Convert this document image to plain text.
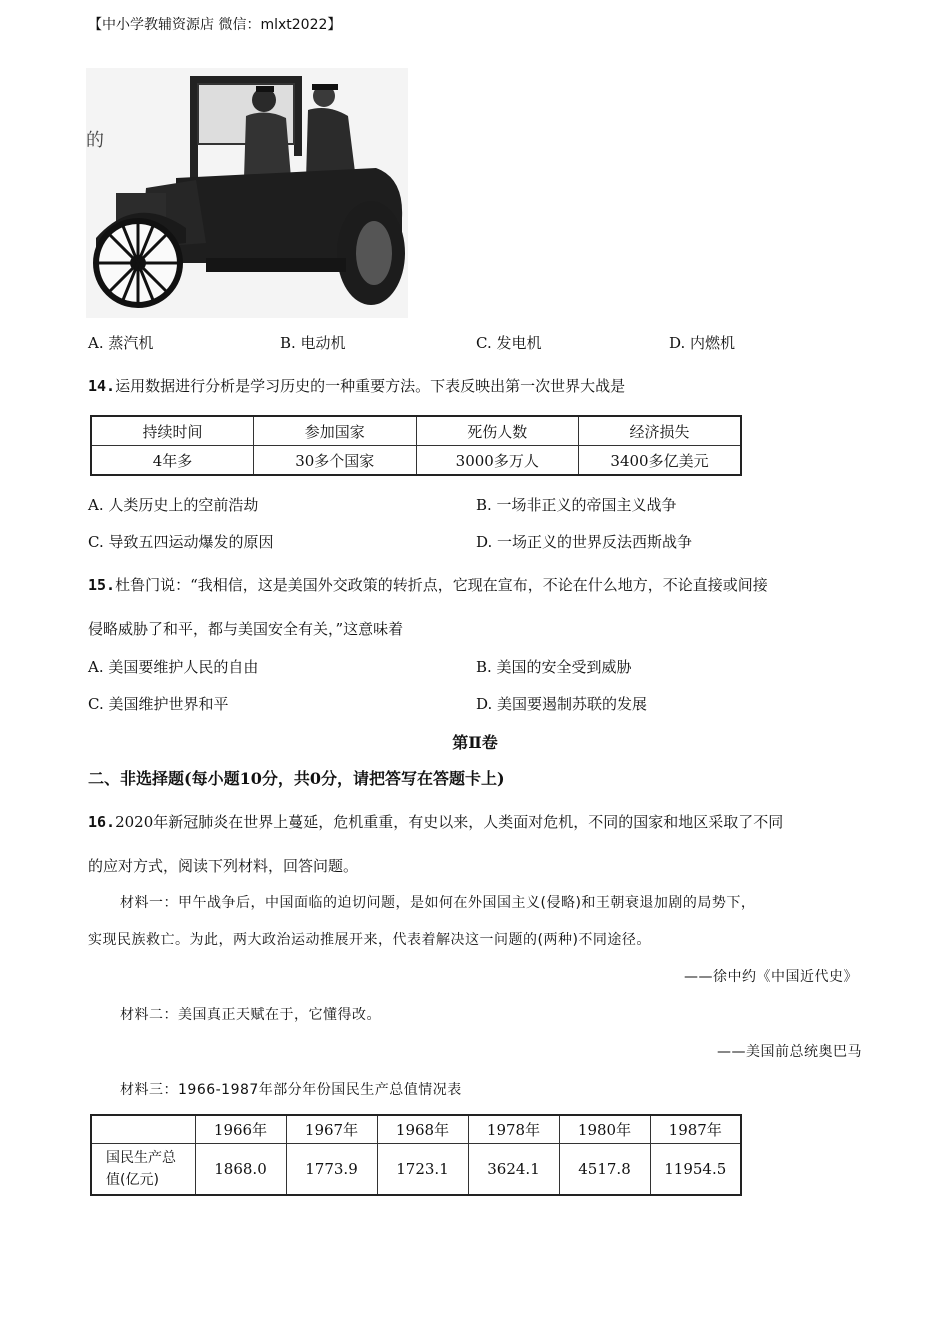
【中小学教辅资源店 微信：mlxt2022】
的
A. 蒸汽机	B. 电动机	C. 发电机	D. 内燃机
14.运用数据进行分析是学习历史的一种重要方法。下表反映出第一次世界大战是
持续时间	参加国家	死伤人数	经济损失
4年多	30多个国家	3000多万人	3400多亿美元
A. 人类历史上的空前浩劫	B. 一场非正义的帝国主义战争
C. 导致五四运动爆发的原因	D. 一场正义的世界反法西斯战争
15.杜鲁门说：“我相信，这是美国外交政策的转折点，它现在宣布，不论在什么地方，不论直接或间接
侵略威胁了和平，都与美国安全有关，”这意味着
A. 美国要维护人民的自由	B. 美国的安全受到威胁
C. 美国维护世界和平	D. 美国要遏制苏联的发展
第Ⅱ卷
二、非选择题(每小题10分，共0分，请把答写在答题卡上)
16.2020年新冠肺炎在世界上蔓延，危机重重，有史以来，人类面对危机，不同的国家和地区采取了不同
的应对方式，阅读下列材料，回答问题。
材料一：甲午战争后，中国面临的迫切问题，是如何在外国国主义(侵略)和王朝衰退加剧的局势下，
实现民族救亡。为此，两大政治运动推展开来，代表着解决这一问题的(两种)不同途径。
——徐中约《中国近代史》
材料二：美国真正天赋在于，它懂得改。
——美国前总统奥巴马
材料三：1966-1987年部分年份国民生产总值情况表
	1966年	1967年	1968年	1978年	1980年	1987年
国民生产总
值(亿元)	1868.0	1773.9	1723.1	3624.1	4517.8	11954.5
